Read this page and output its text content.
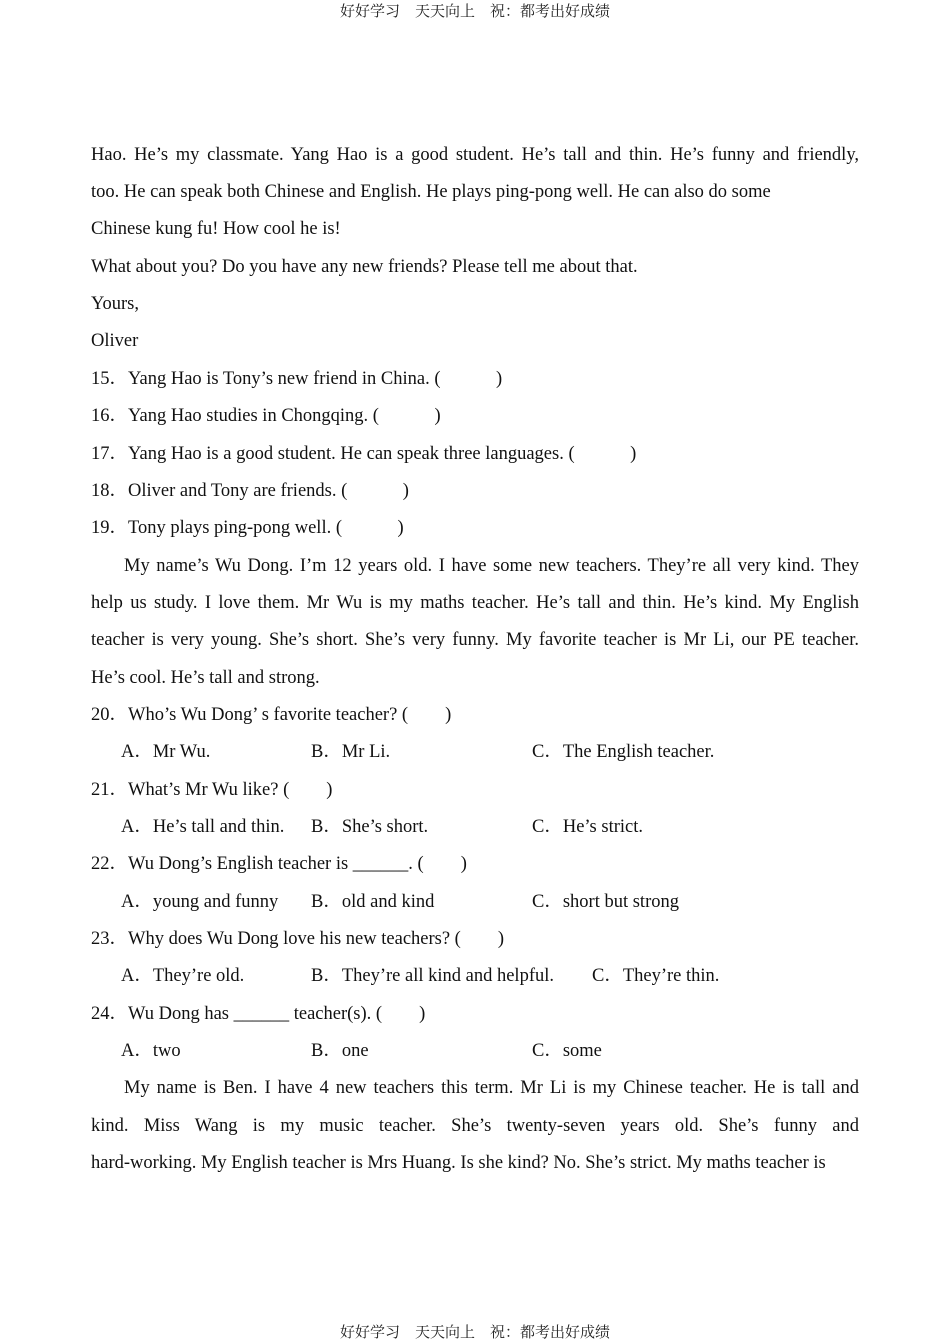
好好学习　天天向上　祝：都考出好成绩
Hao. He’s my classmate. Yang Hao is a good student. He’s tall and thin. He’s funny and friendly,
too. He can speak both Chinese and English. He plays ping-pong well. He can also do some
Chinese kung fu! How cool he is!
What about you? Do you have any new friends? Please tell me about that.
Yours,
Oliver
15．Yang Hao is Tony’s new friend in China. (　　　)
16．Yang Hao studies in Chongqing. (　　　)
17．Yang Hao is a good student. He can speak three languages. (　　　)
18．Oliver and Tony are friends. (　　　)
19．Tony plays ping-pong well. (　　　)
My name’s Wu Dong. I’m 12 years old. I have some new teachers. They’re all very kind. They
help us study. I love them. Mr Wu is my maths teacher. He’s tall and thin. He’s kind. My English
teacher is very young. She’s short. She’s very funny. My favorite teacher is Mr Li, our PE teacher.
He’s cool. He’s tall and strong.
20．Who’s Wu Dong’ s favorite teacher? (　　)
A．Mr Wu.	B．Mr Li.	C．The English teacher.
21．What’s Mr Wu like? (　　)
A．He’s tall and thin. B．She’s short.	C．He’s strict.
22．Wu Dong’s English teacher is ______. (　　)
A．young and funny B．old and kind	C．short but strong
23．Why does Wu Dong love his new teachers? (　　)
A．They’re old.	B．They’re all kind and helpful. C．They’re thin.
24．Wu Dong has ______ teacher(s). (　　)
A．two	B．one	C．some
My name is Ben. I have 4 new teachers this term. Mr Li is my Chinese teacher. He is tall and
kind. Miss Wang is my music teacher. She’s twenty-seven years old. She’s funny and
hard-working. My English teacher is Mrs Huang. Is she kind? No. She’s strict. My maths teacher is
好好学习　天天向上　祝：都考出好成绩
